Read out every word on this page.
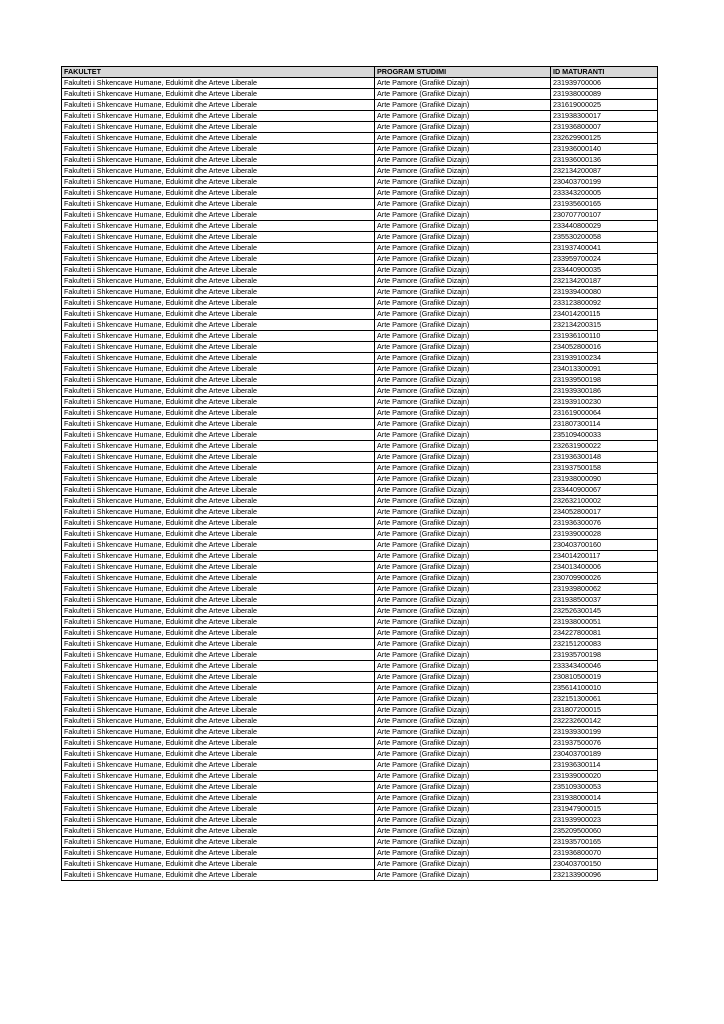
FAKULTET	PROGRAM STUDIMI	ID MATURANTI
Fakulteti i Shkencave Humane, Edukimit dhe Arteve Liberale	Arte Pamore (Grafikë Dizajn)	231939700006
Fakulteti i Shkencave Humane, Edukimit dhe Arteve Liberale	Arte Pamore (Grafikë Dizajn)	231938000089
Fakulteti i Shkencave Humane, Edukimit dhe Arteve Liberale	Arte Pamore (Grafikë Dizajn)	231619000025
Fakulteti i Shkencave Humane, Edukimit dhe Arteve Liberale	Arte Pamore (Grafikë Dizajn)	231938300017
Fakulteti i Shkencave Humane, Edukimit dhe Arteve Liberale	Arte Pamore (Grafikë Dizajn)	231936800007
Fakulteti i Shkencave Humane, Edukimit dhe Arteve Liberale	Arte Pamore (Grafikë Dizajn)	232629900125
Fakulteti i Shkencave Humane, Edukimit dhe Arteve Liberale	Arte Pamore (Grafikë Dizajn)	231936000140
Fakulteti i Shkencave Humane, Edukimit dhe Arteve Liberale	Arte Pamore (Grafikë Dizajn)	231936000136
Fakulteti i Shkencave Humane, Edukimit dhe Arteve Liberale	Arte Pamore (Grafikë Dizajn)	232134200087
Fakulteti i Shkencave Humane, Edukimit dhe Arteve Liberale	Arte Pamore (Grafikë Dizajn)	230403700199
Fakulteti i Shkencave Humane, Edukimit dhe Arteve Liberale	Arte Pamore (Grafikë Dizajn)	233343200005
Fakulteti i Shkencave Humane, Edukimit dhe Arteve Liberale	Arte Pamore (Grafikë Dizajn)	231935600165
Fakulteti i Shkencave Humane, Edukimit dhe Arteve Liberale	Arte Pamore (Grafikë Dizajn)	230707700107
Fakulteti i Shkencave Humane, Edukimit dhe Arteve Liberale	Arte Pamore (Grafikë Dizajn)	233440800029
Fakulteti i Shkencave Humane, Edukimit dhe Arteve Liberale	Arte Pamore (Grafikë Dizajn)	235530200058
Fakulteti i Shkencave Humane, Edukimit dhe Arteve Liberale	Arte Pamore (Grafikë Dizajn)	231937400041
Fakulteti i Shkencave Humane, Edukimit dhe Arteve Liberale	Arte Pamore (Grafikë Dizajn)	233959700024
Fakulteti i Shkencave Humane, Edukimit dhe Arteve Liberale	Arte Pamore (Grafikë Dizajn)	233440900035
Fakulteti i Shkencave Humane, Edukimit dhe Arteve Liberale	Arte Pamore (Grafikë Dizajn)	232134200187
Fakulteti i Shkencave Humane, Edukimit dhe Arteve Liberale	Arte Pamore (Grafikë Dizajn)	231939400080
Fakulteti i Shkencave Humane, Edukimit dhe Arteve Liberale	Arte Pamore (Grafikë Dizajn)	233123800092
Fakulteti i Shkencave Humane, Edukimit dhe Arteve Liberale	Arte Pamore (Grafikë Dizajn)	234014200115
Fakulteti i Shkencave Humane, Edukimit dhe Arteve Liberale	Arte Pamore (Grafikë Dizajn)	232134200315
Fakulteti i Shkencave Humane, Edukimit dhe Arteve Liberale	Arte Pamore (Grafikë Dizajn)	231936100110
Fakulteti i Shkencave Humane, Edukimit dhe Arteve Liberale	Arte Pamore (Grafikë Dizajn)	234052800016
Fakulteti i Shkencave Humane, Edukimit dhe Arteve Liberale	Arte Pamore (Grafikë Dizajn)	231939100234
Fakulteti i Shkencave Humane, Edukimit dhe Arteve Liberale	Arte Pamore (Grafikë Dizajn)	234013300091
Fakulteti i Shkencave Humane, Edukimit dhe Arteve Liberale	Arte Pamore (Grafikë Dizajn)	231939500198
Fakulteti i Shkencave Humane, Edukimit dhe Arteve Liberale	Arte Pamore (Grafikë Dizajn)	231939300186
Fakulteti i Shkencave Humane, Edukimit dhe Arteve Liberale	Arte Pamore (Grafikë Dizajn)	231939100230
Fakulteti i Shkencave Humane, Edukimit dhe Arteve Liberale	Arte Pamore (Grafikë Dizajn)	231619000064
Fakulteti i Shkencave Humane, Edukimit dhe Arteve Liberale	Arte Pamore (Grafikë Dizajn)	231807300114
Fakulteti i Shkencave Humane, Edukimit dhe Arteve Liberale	Arte Pamore (Grafikë Dizajn)	235109400033
Fakulteti i Shkencave Humane, Edukimit dhe Arteve Liberale	Arte Pamore (Grafikë Dizajn)	232631900022
Fakulteti i Shkencave Humane, Edukimit dhe Arteve Liberale	Arte Pamore (Grafikë Dizajn)	231936300148
Fakulteti i Shkencave Humane, Edukimit dhe Arteve Liberale	Arte Pamore (Grafikë Dizajn)	231937500158
Fakulteti i Shkencave Humane, Edukimit dhe Arteve Liberale	Arte Pamore (Grafikë Dizajn)	231938000090
Fakulteti i Shkencave Humane, Edukimit dhe Arteve Liberale	Arte Pamore (Grafikë Dizajn)	233440900067
Fakulteti i Shkencave Humane, Edukimit dhe Arteve Liberale	Arte Pamore (Grafikë Dizajn)	232632100002
Fakulteti i Shkencave Humane, Edukimit dhe Arteve Liberale	Arte Pamore (Grafikë Dizajn)	234052800017
Fakulteti i Shkencave Humane, Edukimit dhe Arteve Liberale	Arte Pamore (Grafikë Dizajn)	231936300076
Fakulteti i Shkencave Humane, Edukimit dhe Arteve Liberale	Arte Pamore (Grafikë Dizajn)	231939000028
Fakulteti i Shkencave Humane, Edukimit dhe Arteve Liberale	Arte Pamore (Grafikë Dizajn)	230403700160
Fakulteti i Shkencave Humane, Edukimit dhe Arteve Liberale	Arte Pamore (Grafikë Dizajn)	234014200117
Fakulteti i Shkencave Humane, Edukimit dhe Arteve Liberale	Arte Pamore (Grafikë Dizajn)	234013400006
Fakulteti i Shkencave Humane, Edukimit dhe Arteve Liberale	Arte Pamore (Grafikë Dizajn)	230709900026
Fakulteti i Shkencave Humane, Edukimit dhe Arteve Liberale	Arte Pamore (Grafikë Dizajn)	231939800062
Fakulteti i Shkencave Humane, Edukimit dhe Arteve Liberale	Arte Pamore (Grafikë Dizajn)	231938500037
Fakulteti i Shkencave Humane, Edukimit dhe Arteve Liberale	Arte Pamore (Grafikë Dizajn)	232526300145
Fakulteti i Shkencave Humane, Edukimit dhe Arteve Liberale	Arte Pamore (Grafikë Dizajn)	231938000051
Fakulteti i Shkencave Humane, Edukimit dhe Arteve Liberale	Arte Pamore (Grafikë Dizajn)	234227800081
Fakulteti i Shkencave Humane, Edukimit dhe Arteve Liberale	Arte Pamore (Grafikë Dizajn)	232151200083
Fakulteti i Shkencave Humane, Edukimit dhe Arteve Liberale	Arte Pamore (Grafikë Dizajn)	231935700198
Fakulteti i Shkencave Humane, Edukimit dhe Arteve Liberale	Arte Pamore (Grafikë Dizajn)	233343400046
Fakulteti i Shkencave Humane, Edukimit dhe Arteve Liberale	Arte Pamore (Grafikë Dizajn)	230810500019
Fakulteti i Shkencave Humane, Edukimit dhe Arteve Liberale	Arte Pamore (Grafikë Dizajn)	235614100010
Fakulteti i Shkencave Humane, Edukimit dhe Arteve Liberale	Arte Pamore (Grafikë Dizajn)	232151300061
Fakulteti i Shkencave Humane, Edukimit dhe Arteve Liberale	Arte Pamore (Grafikë Dizajn)	231807200015
Fakulteti i Shkencave Humane, Edukimit dhe Arteve Liberale	Arte Pamore (Grafikë Dizajn)	232232600142
Fakulteti i Shkencave Humane, Edukimit dhe Arteve Liberale	Arte Pamore (Grafikë Dizajn)	231939300199
Fakulteti i Shkencave Humane, Edukimit dhe Arteve Liberale	Arte Pamore (Grafikë Dizajn)	231937500076
Fakulteti i Shkencave Humane, Edukimit dhe Arteve Liberale	Arte Pamore (Grafikë Dizajn)	230403700189
Fakulteti i Shkencave Humane, Edukimit dhe Arteve Liberale	Arte Pamore (Grafikë Dizajn)	231936300114
Fakulteti i Shkencave Humane, Edukimit dhe Arteve Liberale	Arte Pamore (Grafikë Dizajn)	231939000020
Fakulteti i Shkencave Humane, Edukimit dhe Arteve Liberale	Arte Pamore (Grafikë Dizajn)	235109300053
Fakulteti i Shkencave Humane, Edukimit dhe Arteve Liberale	Arte Pamore (Grafikë Dizajn)	231938000014
Fakulteti i Shkencave Humane, Edukimit dhe Arteve Liberale	Arte Pamore (Grafikë Dizajn)	231947900015
Fakulteti i Shkencave Humane, Edukimit dhe Arteve Liberale	Arte Pamore (Grafikë Dizajn)	231939900023
Fakulteti i Shkencave Humane, Edukimit dhe Arteve Liberale	Arte Pamore (Grafikë Dizajn)	235209500060
Fakulteti i Shkencave Humane, Edukimit dhe Arteve Liberale	Arte Pamore (Grafikë Dizajn)	231935700165
Fakulteti i Shkencave Humane, Edukimit dhe Arteve Liberale	Arte Pamore (Grafikë Dizajn)	231936800070
Fakulteti i Shkencave Humane, Edukimit dhe Arteve Liberale	Arte Pamore (Grafikë Dizajn)	230403700150
Fakulteti i Shkencave Humane, Edukimit dhe Arteve Liberale	Arte Pamore (Grafikë Dizajn)	232133900096
